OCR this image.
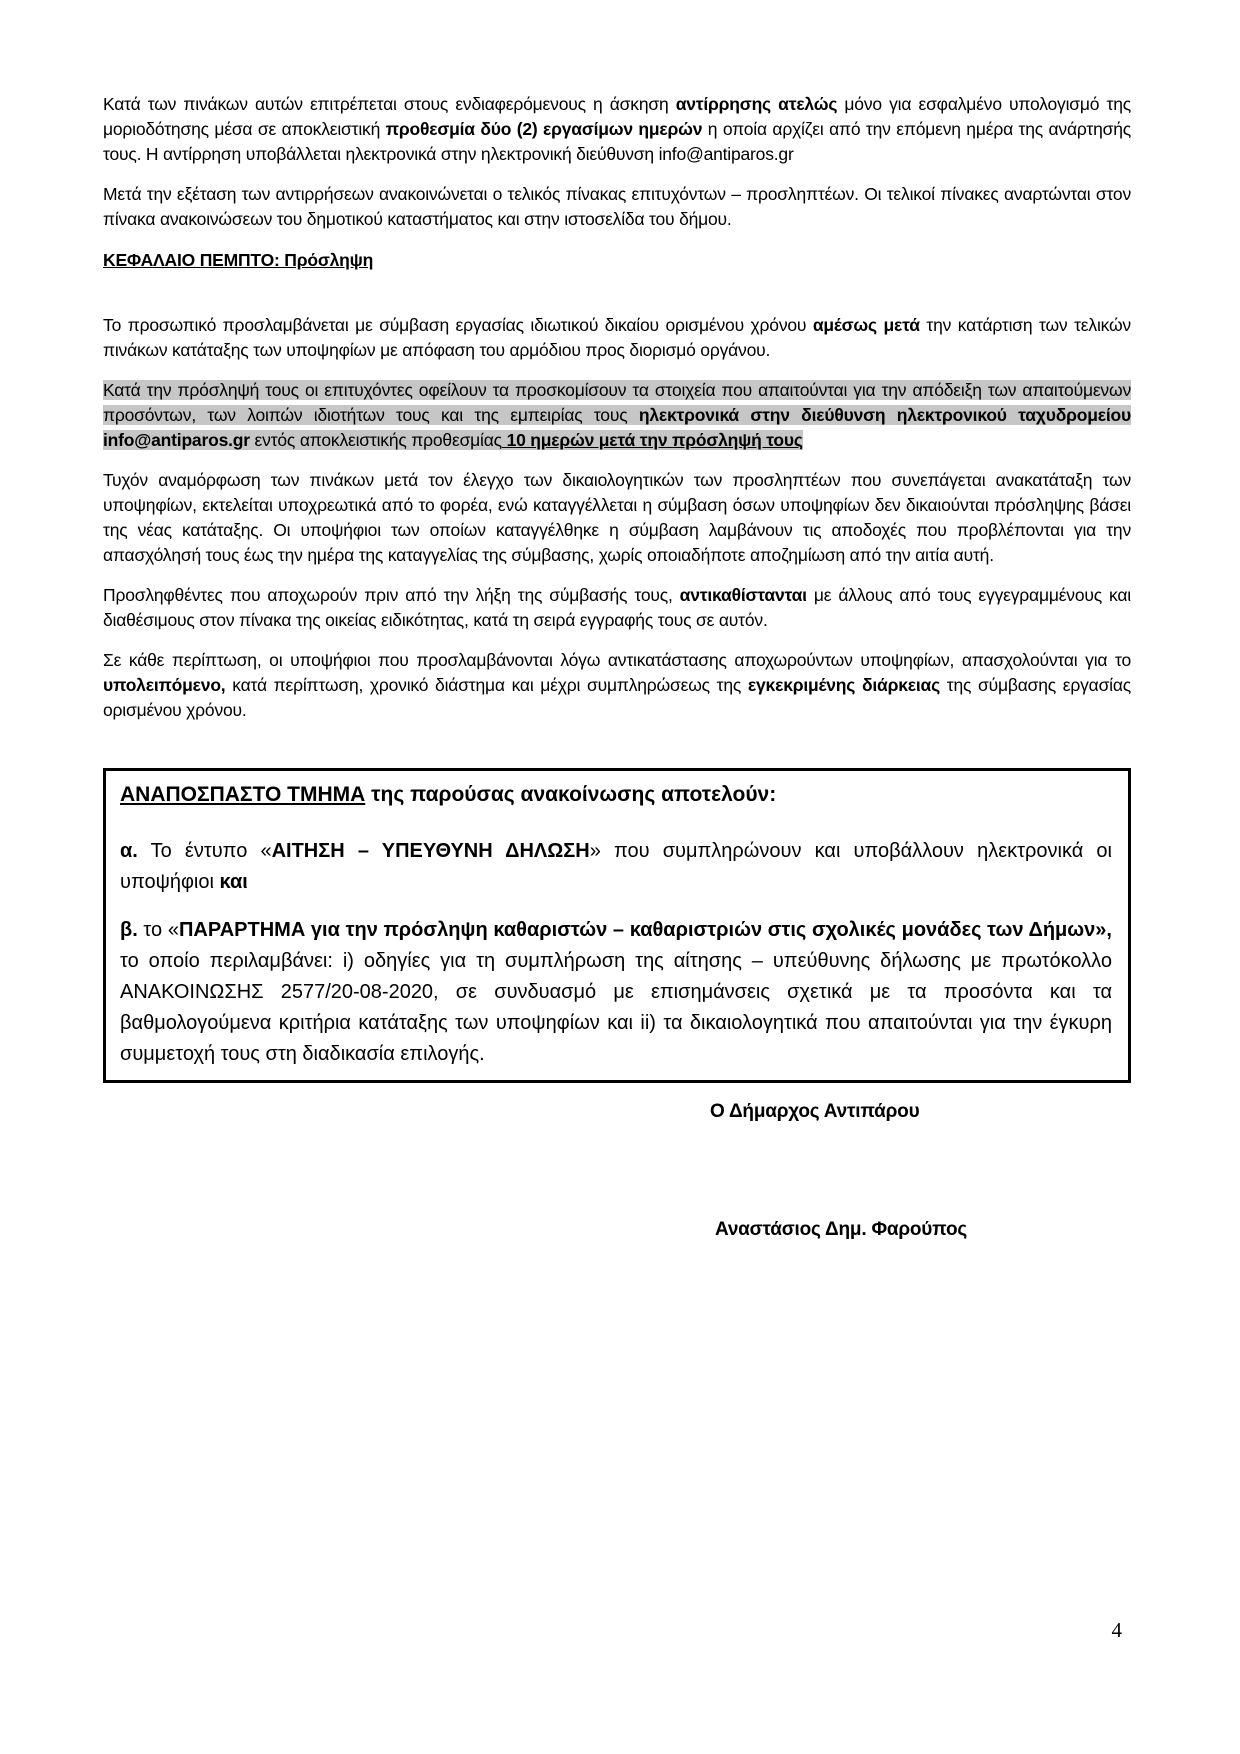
Κατά των πινάκων αυτών επιτρέπεται στους ενδιαφερόμενους η άσκηση αντίρρησης ατελώς μόνο για εσφαλμένο υπολογισμό της μοριοδότησης μέσα σε αποκλειστική προθεσμία δύο (2) εργασίμων ημερών η οποία αρχίζει από την επόμενη ημέρα της ανάρτησής τους. Η αντίρρηση υποβάλλεται ηλεκτρονικά στην ηλεκτρονική διεύθυνση info@antiparos.gr

Μετά την εξέταση των αντιρρήσεων ανακοινώνεται ο τελικός πίνακας επιτυχόντων – προσληπτέων. Οι τελικοί πίνακες αναρτώνται στον πίνακα ανακοινώσεων του δημοτικού καταστήματος και στην ιστοσελίδα του δήμου.

ΚΕΦΑΛΑΙΟ ΠΕΜΠΤΟ: Πρόσληψη

Το προσωπικό προσλαμβάνεται με σύμβαση εργασίας ιδιωτικού δικαίου ορισμένου χρόνου αμέσως μετά την κατάρτιση των τελικών πινάκων κατάταξης των υποψηφίων με απόφαση του αρμόδιου προς διορισμό οργάνου.

Κατά την πρόσληψή τους οι επιτυχόντες οφείλουν τα προσκομίσουν τα στοιχεία που απαιτούνται για την απόδειξη των απαιτούμενων προσόντων, των λοιπών ιδιοτήτων τους και της εμπειρίας τους ηλεκτρονικά στην διεύθυνση ηλεκτρονικού ταχυδρομείου info@antiparos.gr εντός αποκλειστικής προθεσμίας 10 ημερών μετά την πρόσληψή τους

Τυχόν αναμόρφωση των πινάκων μετά τον έλεγχο των δικαιολογητικών των προσληπτέων που συνεπάγεται ανακατάταξη των υποψηφίων, εκτελείται υποχρεωτικά από το φορέα, ενώ καταγγέλλεται η σύμβαση όσων υποψηφίων δεν δικαιούνται πρόσληψης βάσει της νέας κατάταξης. Οι υποψήφιοι των οποίων καταγγέλθηκε η σύμβαση λαμβάνουν τις αποδοχές που προβλέπονται για την απασχόλησή τους έως την ημέρα της καταγγελίας της σύμβασης, χωρίς οποιαδήποτε αποζημίωση από την αιτία αυτή.

Προσληφθέντες που αποχωρούν πριν από την λήξη της σύμβασής τους, αντικαθίστανται με άλλους από τους εγγεγραμμένους και διαθέσιμους στον πίνακα της οικείας ειδικότητας, κατά τη σειρά εγγραφής τους σε αυτόν.

Σε κάθε περίπτωση, οι υποψήφιοι που προσλαμβάνονται λόγω αντικατάστασης αποχωρούντων υποψηφίων, απασχολούνται για το υπολειπόμενο, κατά περίπτωση, χρονικό διάστημα και μέχρι συμπληρώσεως της εγκεκριμένης διάρκειας της σύμβασης εργασίας ορισμένου χρόνου.

ΑΝΑΠΟΣΠΑΣΤΟ ΤΜΗΜΑ της παρούσας ανακοίνωσης αποτελούν:

α. Το έντυπο «ΑΙΤΗΣΗ – ΥΠΕΥΘΥΝΗ ΔΗΛΩΣΗ» που συμπληρώνουν και υποβάλλουν ηλεκτρονικά οι υποψήφιοι και

β. το «ΠΑΡΑΡΤΗΜΑ για την πρόσληψη καθαριστών – καθαριστριών στις σχολικές μονάδες των Δήμων», το οποίο περιλαμβάνει: i) οδηγίες για τη συμπλήρωση της αίτησης – υπεύθυνης δήλωσης με πρωτόκολλο ΑΝΑΚΟΙΝΩΣΗΣ 2577/20-08-2020, σε συνδυασμό με επισημάνσεις σχετικά με τα προσόντα και τα βαθμολογούμενα κριτήρια κατάταξης των υποψηφίων και ii) τα δικαιολογητικά που απαιτούνται για την έγκυρη συμμετοχή τους στη διαδικασία επιλογής.

Ο Δήμαρχος Αντιπάρου
Αναστάσιος Δημ. Φαρούπος
4
